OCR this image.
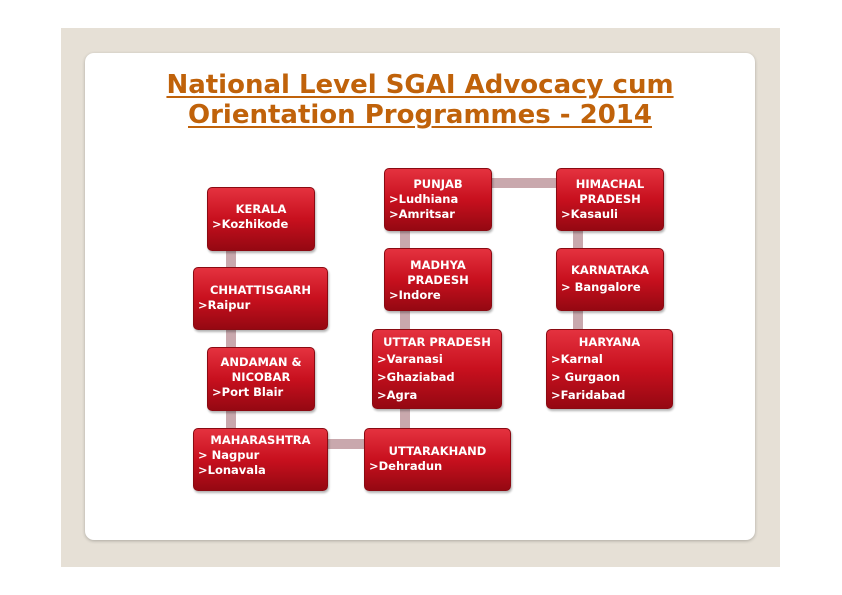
National Level SGAI Advocacy cum
Orientation Programmes - 2014
KERALA
>Kozhikode
CHHATTISGARH
>Raipur
ANDAMAN &
NICOBAR
>Port Blair
MAHARASHTRA
> Nagpur
>Lonavala
UTTARAKHAND
>Dehradun
UTTAR PRADESH
>Varanasi
>Ghaziabad
>Agra
MADHYA
PRADESH
>Indore
PUNJAB
>Ludhiana
>Amritsar
HIMACHAL
PRADESH
>Kasauli
KARNATAKA
> Bangalore
HARYANA
>Karnal
> Gurgaon
>Faridabad
